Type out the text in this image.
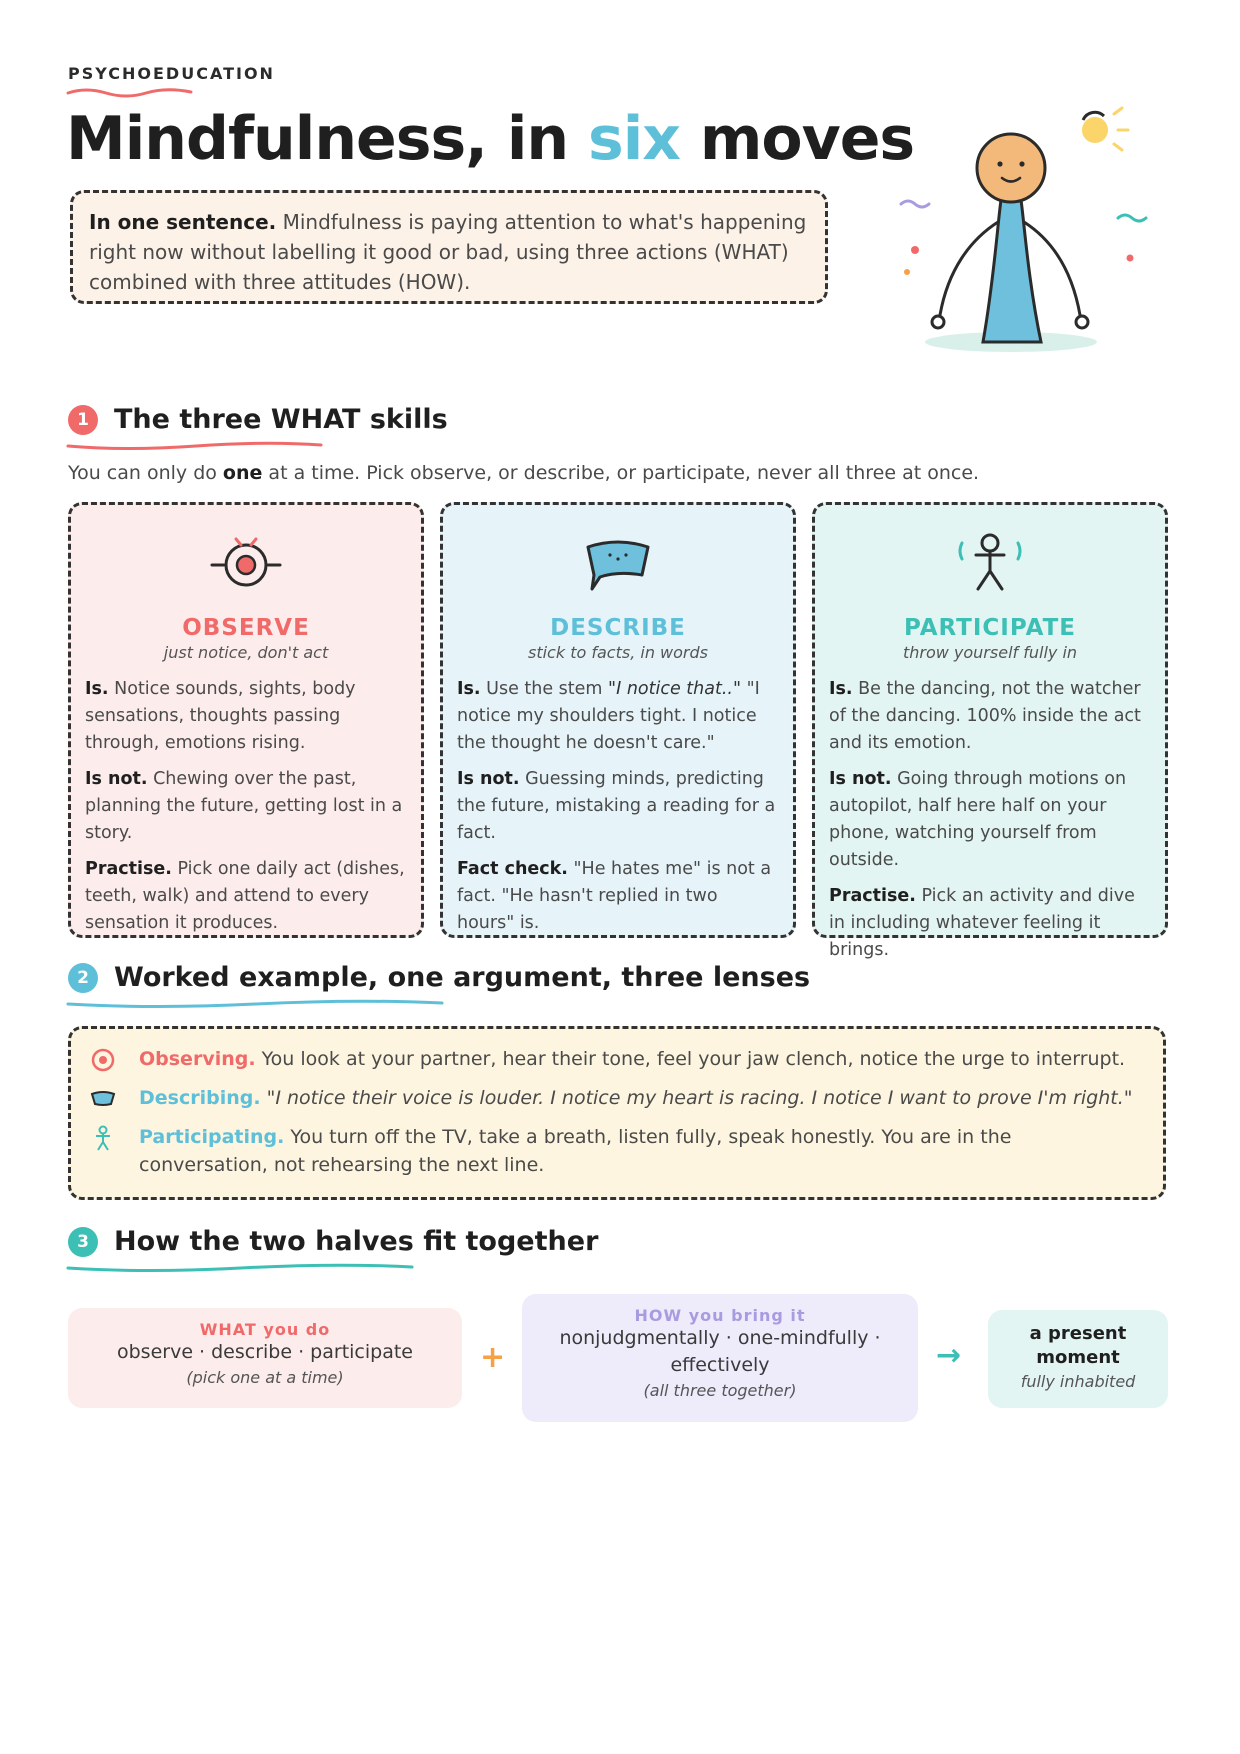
PSYCHOEDUCATION
Mindfulness, in six moves
In one sentence. Mindfulness is paying attention to what's happening right now without labelling it good or bad, using three actions (WHAT) combined with three attitudes (HOW).
1 The three WHAT skills
You can only do one at a time. Pick observe, or describe, or participate, never all three at once.
OBSERVE
just notice, don't act

Is. Notice sounds, sights, body sensations, thoughts passing through, emotions rising.

Is not. Chewing over the past, planning the future, getting lost in a story.

Practise. Pick one daily act (dishes, teeth, walk) and attend to every sensation it produces.

DESCRIBE
stick to facts, in words

Is. Use the stem "I notice that.." "I notice my shoulders tight. I notice the thought he doesn't care."

Is not. Guessing minds, predicting the future, mistaking a reading for a fact.

Fact check. "He hates me" is not a fact. "He hasn't replied in two hours" is.

PARTICIPATE
throw yourself fully in

Is. Be the dancing, not the watcher of the dancing. 100% inside the act and its emotion.

Is not. Going through motions on autopilot, half here half on your phone, watching yourself from outside.

Practise. Pick an activity and dive in including whatever feeling it brings.

2 Worked example, one argument, three lenses
Observing. You look at your partner, hear their tone, feel your jaw clench, notice the urge to interrupt.
Describing. "I notice their voice is louder. I notice my heart is racing. I notice I want to prove I'm right."
Participating. You turn off the TV, take a breath, listen fully, speak honestly. You are in the conversation, not rehearsing the next line.
3 How the two halves fit together
WHAT you do
observe · describe · participate
(pick one at a time)
+
HOW you bring it
nonjudgmentally · one-mindfully · effectively
(all three together)
→
a present moment
fully inhabited
